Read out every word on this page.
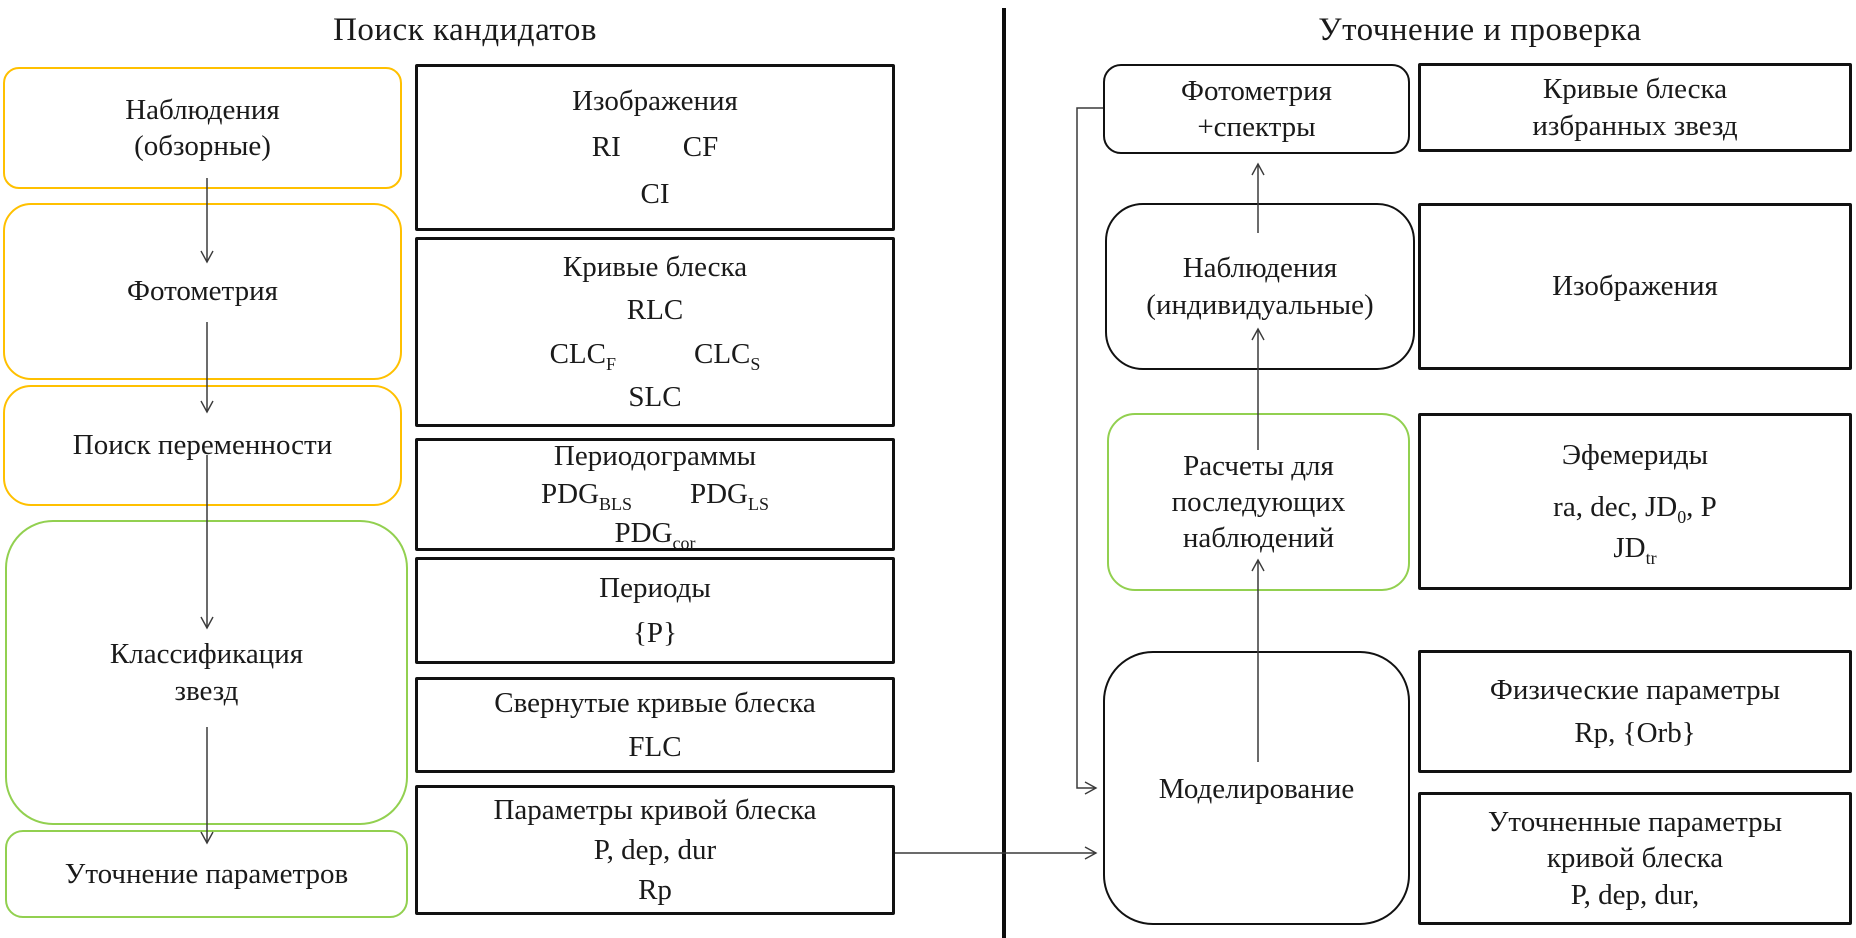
Поиск кандидатов	Уточнение и проверка
Наблюдения
(обзорные)
Фотометрия
Поиск переменности
Классификация
звезд
Уточнение параметров
Изображения
RI CF
CI
Кривые блеска
RLC
$CLC_F$	$CLC_S$
SLC
Периодограммы
$PDG_{BLS}$ $PDG_{LS}$
$PDG_{cor}$
Периоды
{P}
Свернутые кривые блеска
FLC
Параметры кривой блеска
P, dep, dur
Rp
Фотометрия
+спектры
Наблюдения
(индивидуальные)
Расчеты для
последующих
наблюдений
Моделирование
Кривые блеска
избранных звезд
Изображения
Эфемериды
ra, dec, $JD_0$, P
$JD_{tr}$
Физические параметры
Rp, {Orb}
Уточненные параметры
кривой блеска
P, dep, dur,
